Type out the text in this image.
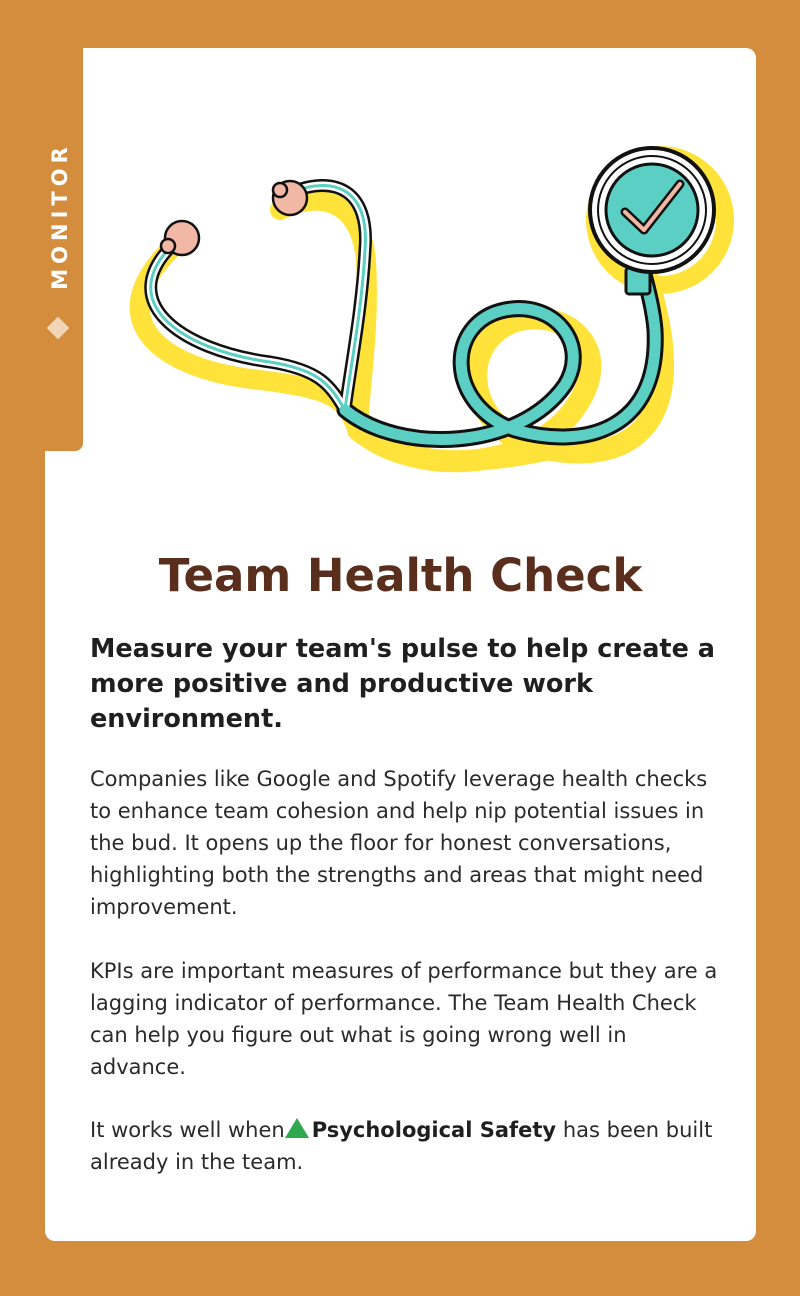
MONITOR
Team Health Check

Measure your team's pulse to help create a more positive and productive work environment.

Companies like Google and Spotify leverage health checks to enhance team cohesion and help nip potential issues in the bud. It opens up the floor for honest conversations, highlighting both the strengths and areas that might need improvement.

KPIs are important measures of performance but they are a lagging indicator of performance. The Team Health Check can help you figure out what is going wrong well in advance.

It works well when Psychological Safety has been built already in the team.
